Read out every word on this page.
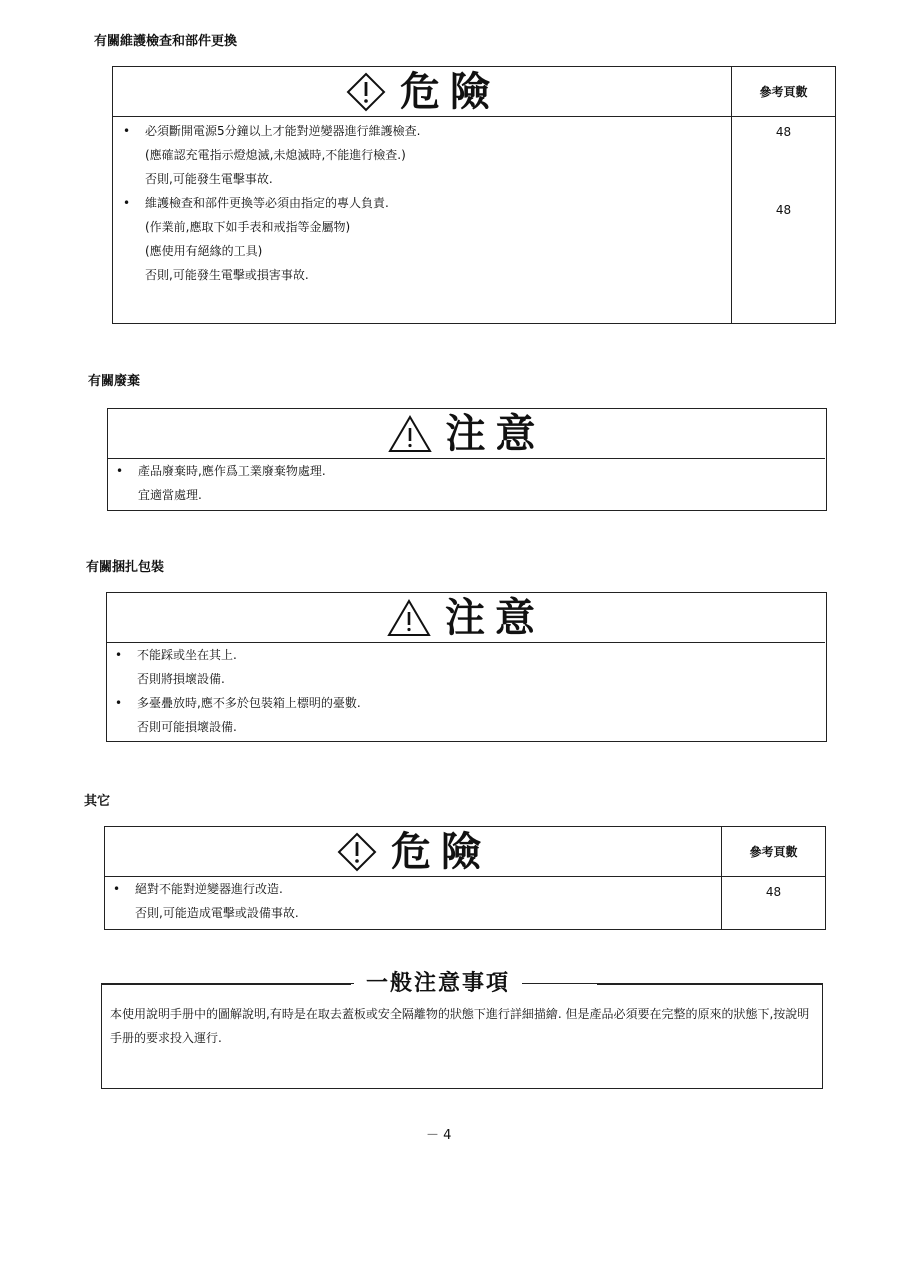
有關維護檢查和部件更換
危險	參考頁數
48
48
• 必須斷開電源5分鐘以上才能對逆變器進行維護檢查.
(應確認充電指示燈熄滅,未熄滅時,不能進行檢查.)
否則,可能發生電擊事故.
• 維護檢查和部件更換等必須由指定的專人負責.
(作業前,應取下如手表和戒指等金屬物)
(應使用有絕緣的工具)
否則,可能發生電擊或損害事故.
有關廢棄
注意
• 產品廢棄時,應作爲工業廢棄物處理.
宜適當處理.
有關捆扎包裝
注意
• 不能踩或坐在其上.
否則將損壞設備.
• 多臺疊放時,應不多於包裝箱上標明的臺數.
否則可能損壞設備.
其它
危險	參考頁數
48
• 絕對不能對逆變器進行改造.
否則,可能造成電擊或設備事故.
一般注意事項
本使用說明手册中的圖解說明,有時是在取去蓋板或安全隔離物的狀態下進行詳細描繪. 但是產品必須要在完整的原來的狀態下,按說明手册的要求投入運行.
－ 4
